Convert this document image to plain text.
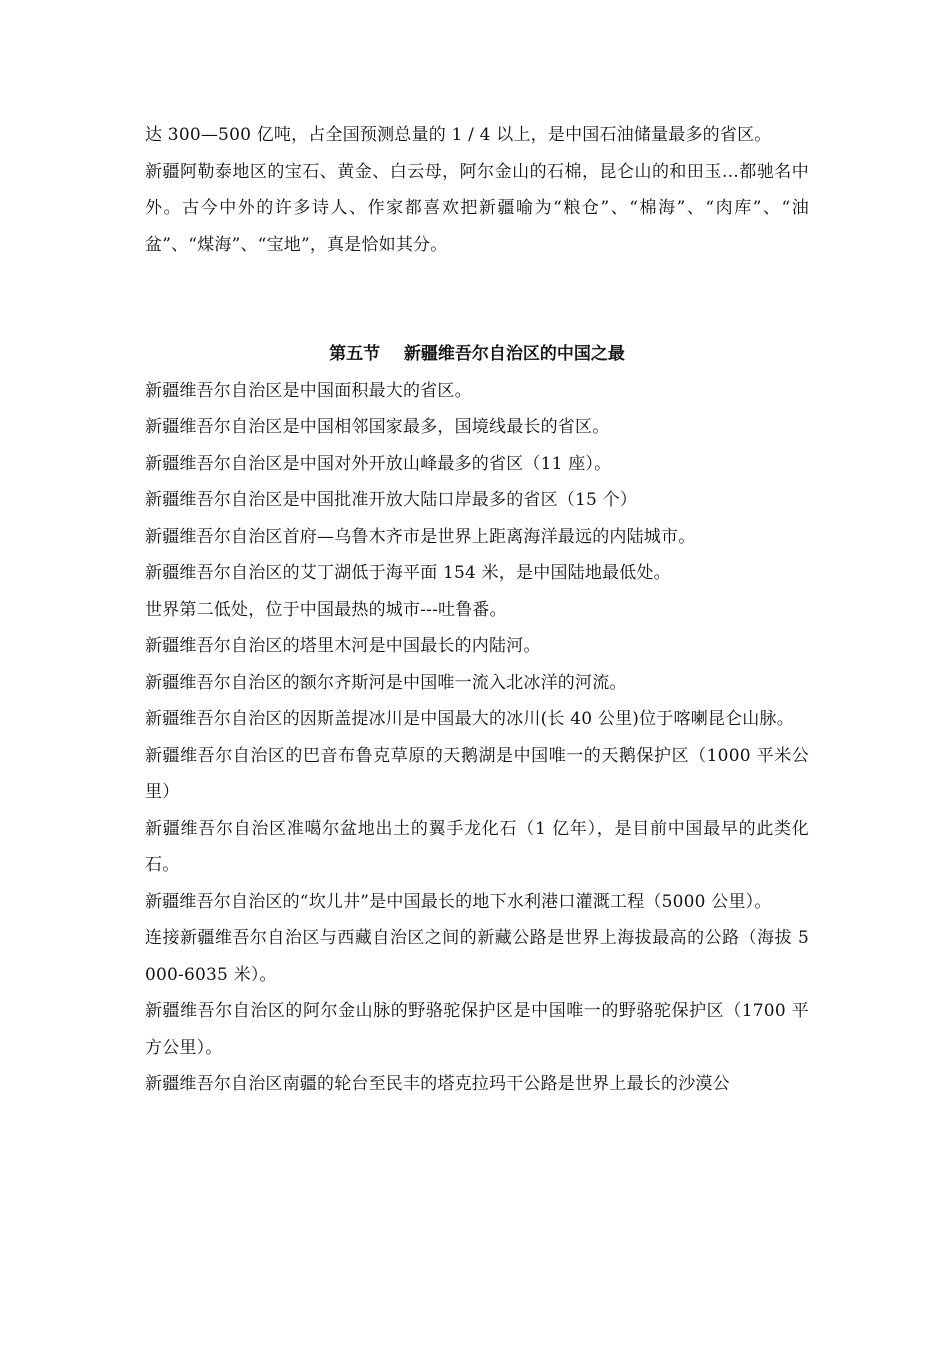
达 300—500 亿吨，占全国预测总量的 1 / 4 以上，是中国石油储量最多的省区。

新疆阿勒泰地区的宝石、黄金、白云母，阿尔金山的石棉，昆仑山的和田玉…都驰名中外。古今中外的许多诗人、作家都喜欢把新疆喻为“粮仓”、“棉海”、“肉库”、“油盆”、“煤海”、“宝地”，真是恰如其分。

第五节    新疆维吾尔自治区的中国之最

新疆维吾尔自治区是中国面积最大的省区。

新疆维吾尔自治区是中国相邻国家最多，国境线最长的省区。

新疆维吾尔自治区是中国对外开放山峰最多的省区（11 座）。

新疆维吾尔自治区是中国批准开放大陆口岸最多的省区（15 个）

新疆维吾尔自治区首府—乌鲁木齐市是世界上距离海洋最远的内陆城市。

新疆维吾尔自治区的艾丁湖低于海平面 154 米，是中国陆地最低处。

世界第二低处，位于中国最热的城市---吐鲁番。

新疆维吾尔自治区的塔里木河是中国最长的内陆河。

新疆维吾尔自治区的额尔齐斯河是中国唯一流入北冰洋的河流。

新疆维吾尔自治区的因斯盖提冰川是中国最大的冰川(长 40 公里)位于喀喇昆仑山脉。

新疆维吾尔自治区的巴音布鲁克草原的天鹅湖是中国唯一的天鹅保护区（1000 平米公里）

新疆维吾尔自治区准噶尔盆地出土的翼手龙化石（1 亿年），是目前中国最早的此类化石。

新疆维吾尔自治区的“坎儿井”是中国最长的地下水利港口灌溉工程（5000 公里）。

连接新疆维吾尔自治区与西藏自治区之间的新藏公路是世界上海拔最高的公路（海拔 5000-6035 米）。

新疆维吾尔自治区的阿尔金山脉的野骆驼保护区是中国唯一的野骆驼保护区（1700 平方公里）。

新疆维吾尔自治区南疆的轮台至民丰的塔克拉玛干公路是世界上最长的沙漠公
